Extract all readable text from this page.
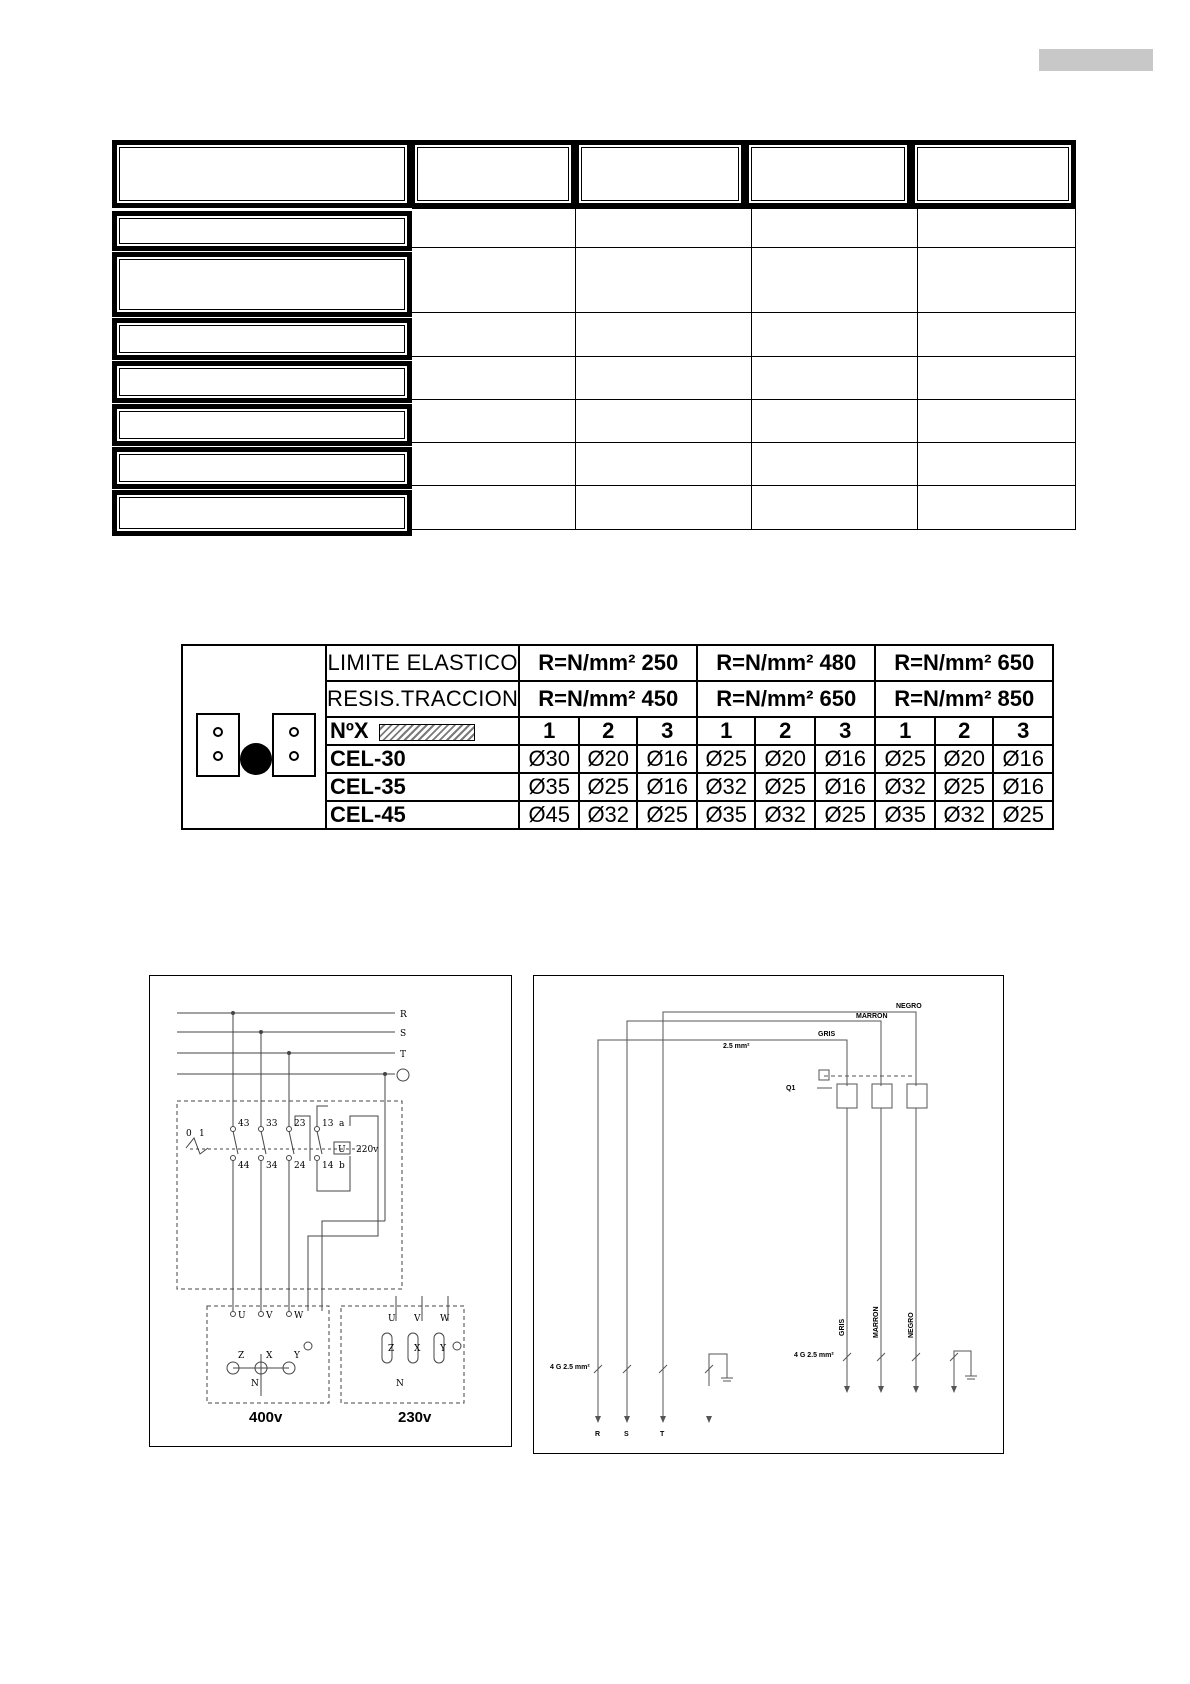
LIMITE ELASTICO	R=N/mm² 250			R=N/mm² 480			R=N/mm² 650		
RESIS.TRACCION	R=N/mm² 450			R=N/mm² 650			R=N/mm² 850		
NºX	1	2	3	1	2	3	1	2	3
CEL-30	Ø30	Ø20	Ø16	Ø25	Ø20	Ø16	Ø25	Ø20	Ø16
CEL-35	Ø35	Ø25	Ø16	Ø32	Ø25	Ø16	Ø32	Ø25	Ø16
CEL-45	Ø45	Ø32	Ø25	Ø35	Ø32	Ø25	Ø35	Ø32	Ø25
R
S
T
43 33 23 13 a
44 34 24 14 b
0 1
U 220v
U V W
Z X Y
N
U V W
Z X Y
N
400v	230v
NEGRO
MARRON
GRIS
2.5 mm²
Q1
4 G 2.5 mm²
4 G 2.5 mm²
GRIS	MARRON	NEGRO
R	S	T
